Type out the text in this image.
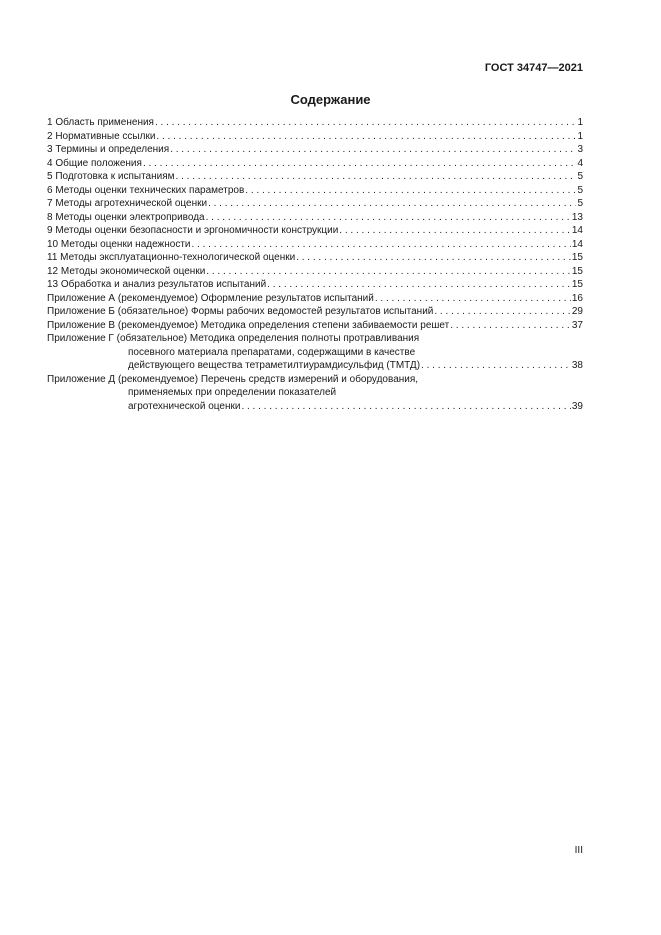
ГОСТ 34747—2021
Содержание
1 Область применения . . .	1
2 Нормативные ссылки . . .	1
3 Термины и определения . . .	3
4 Общие положения . . .	4
5 Подготовка к испытаниям . . .	5
6 Методы оценки технических параметров . . .	5
7 Методы агротехнической оценки . . .	5
8 Методы оценки электропривода . . .	13
9 Методы оценки безопасности и эргономичности конструкции . . .	14
10 Методы оценки надежности . . .	14
11 Методы эксплуатационно-технологической оценки . . .	15
12 Методы экономической оценки . . .	15
13 Обработка и анализ результатов испытаний . . .	15
Приложение А (рекомендуемое) Оформление результатов испытаний . . .	16
Приложение Б (обязательное) Формы рабочих ведомостей результатов испытаний . . .	29
Приложение В (рекомендуемое) Методика определения степени забиваемости решет . . .	37
Приложение Г (обязательное) Методика определения полноты протравливания
посевного материала препаратами, содержащими в качестве
действующего вещества тетраметилтиурамдисульфид (ТМТД) . . .	38
Приложение Д (рекомендуемое) Перечень средств измерений и оборудования,
применяемых при определении показателей
агротехнической оценки . . .	39
III
